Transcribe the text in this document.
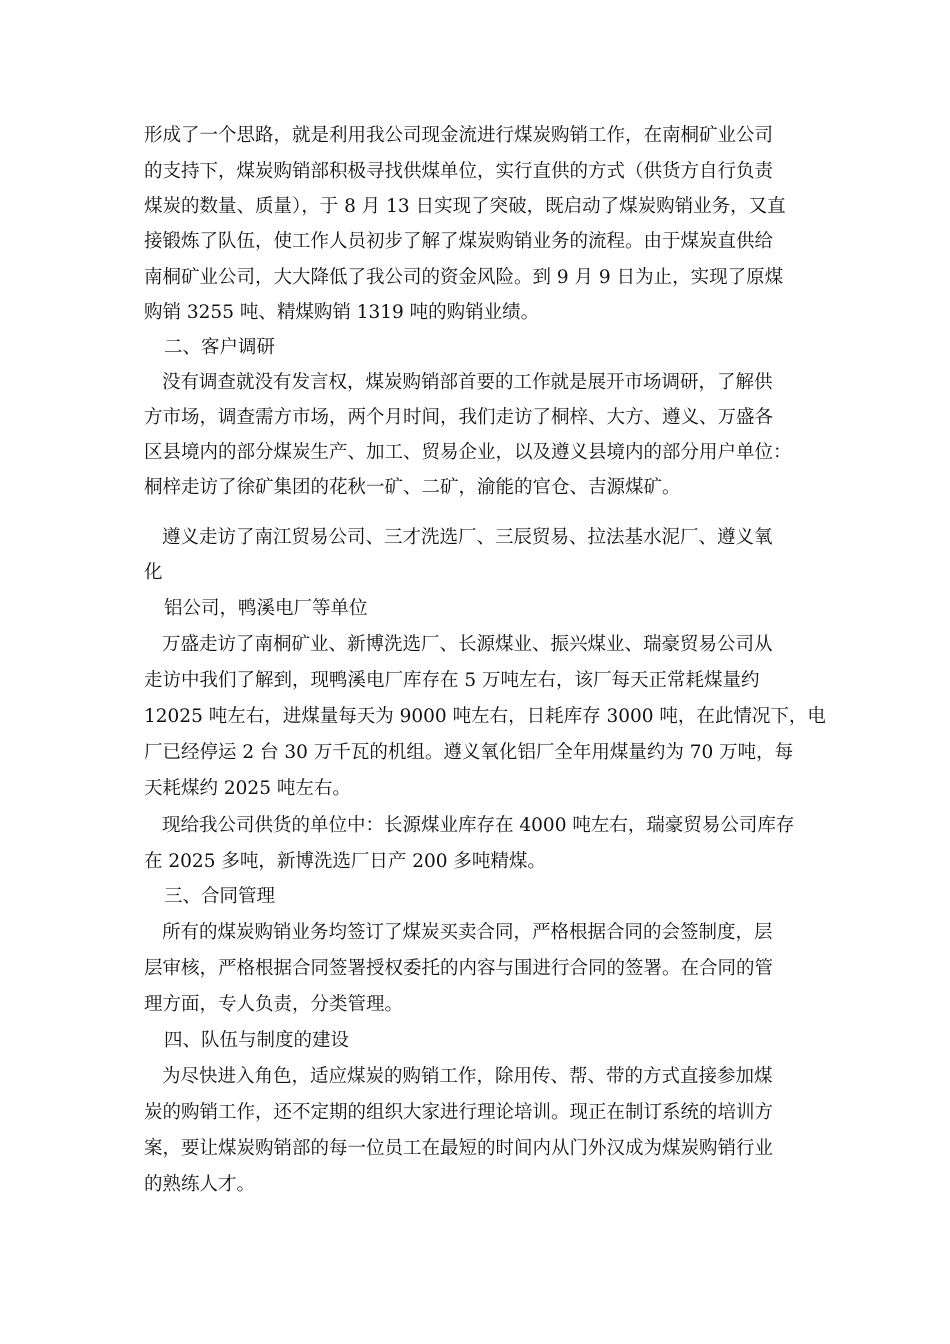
形成了一个思路，就是利用我公司现金流进行煤炭购销工作，在南桐矿业公司
的支持下，煤炭购销部积极寻找供煤单位，实行直供的方式（供货方自行负责
煤炭的数量、质量），于 8 月 13 日实现了突破，既启动了煤炭购销业务，又直
接锻炼了队伍，使工作人员初步了解了煤炭购销业务的流程。由于煤炭直供给
南桐矿业公司，大大降低了我公司的资金风险。到 9 月 9 日为止，实现了原煤
购销 3255 吨、精煤购销 1319 吨的购销业绩。
二、客户调研
没有调查就没有发言权，煤炭购销部首要的工作就是展开市场调研，了解供
方市场，调查需方市场，两个月时间，我们走访了桐梓、大方、遵义、万盛各
区县境内的部分煤炭生产、加工、贸易企业，以及遵义县境内的部分用户单位：
桐梓走访了徐矿集团的花秋一矿、二矿，渝能的官仓、吉源煤矿。
遵义走访了南江贸易公司、三才洗选厂、三辰贸易、拉法基水泥厂、遵义氧
化
铝公司，鸭溪电厂等单位
万盛走访了南桐矿业、新博洗选厂、长源煤业、振兴煤业、瑞豪贸易公司从
走访中我们了解到，现鸭溪电厂库存在 5 万吨左右，该厂每天正常耗煤量约
12025 吨左右，进煤量每天为 9000 吨左右，日耗库存 3000 吨，在此情况下，电
厂已经停运 2 台 30 万千瓦的机组。遵义氧化铝厂全年用煤量约为 70 万吨，每
天耗煤约 2025 吨左右。
现给我公司供货的单位中：长源煤业库存在 4000 吨左右，瑞豪贸易公司库存
在 2025 多吨，新博洗选厂日产 200 多吨精煤。
三、合同管理
所有的煤炭购销业务均签订了煤炭买卖合同，严格根据合同的会签制度，层
层审核，严格根据合同签署授权委托的内容与围进行合同的签署。在合同的管
理方面，专人负责，分类管理。
四、队伍与制度的建设
为尽快进入角色，适应煤炭的购销工作，除用传、帮、带的方式直接参加煤
炭的购销工作，还不定期的组织大家进行理论培训。现正在制订系统的培训方
案，要让煤炭购销部的每一位员工在最短的时间内从门外汉成为煤炭购销行业
的熟练人才。
